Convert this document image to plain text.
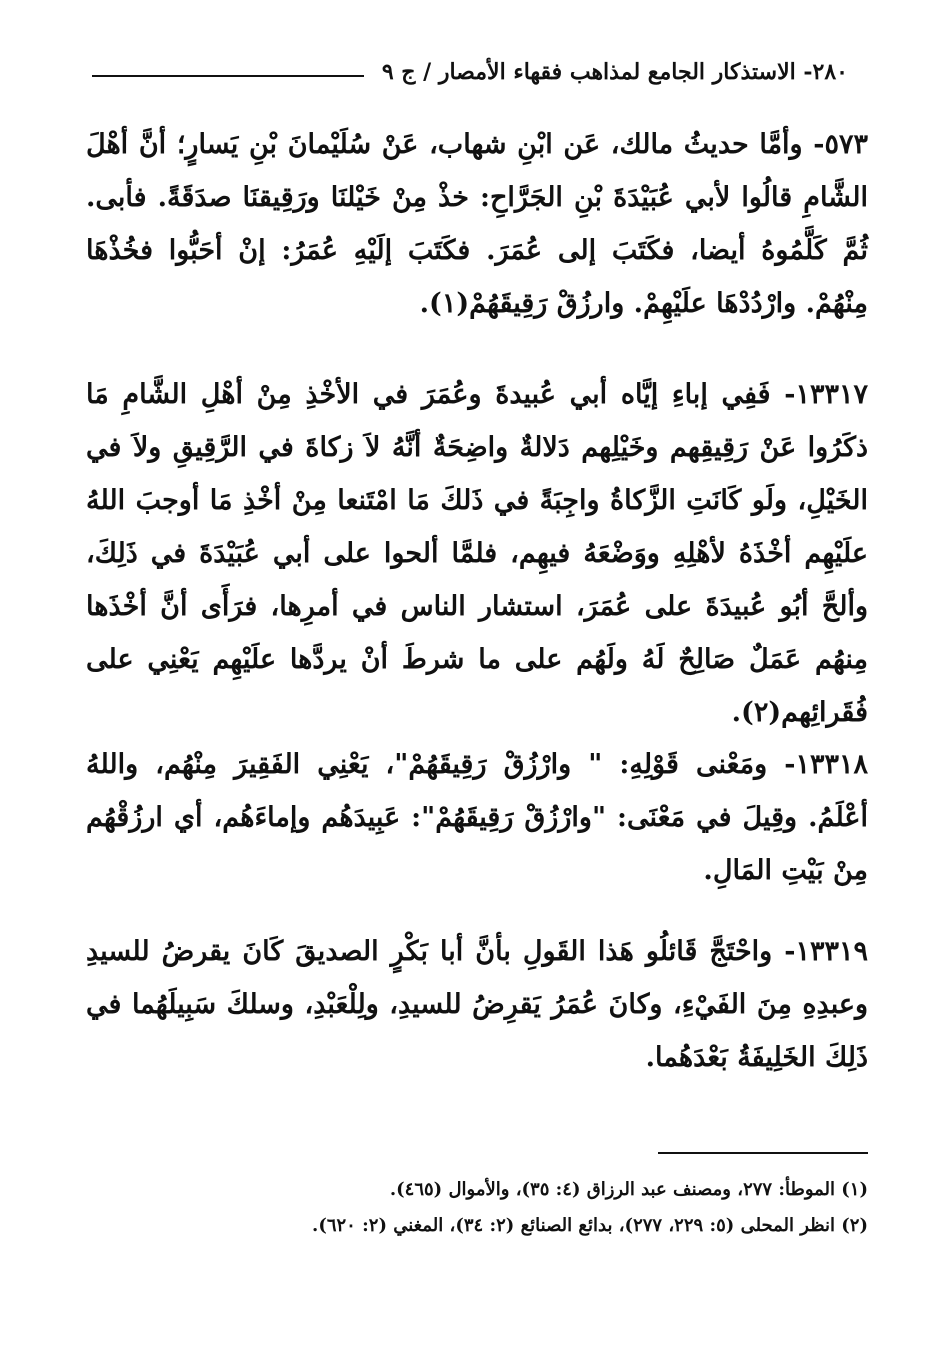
٢٨٠- الاستذكار الجامع لمذاهب فقهاء الأمصار / ج ٩
٥٧٣- وأمَّا حديثُ مالك، عَن ابْنِ شهاب، عَنْ سُلَيْمانَ بْنِ يَسارٍ؛ أنَّ أهْلَ الشَّامِ قالُوا لأبي عُبَيْدَةَ بْنِ الجَرَّاحِ: خذْ مِنْ خَيْلنَا ورَقِيقنَا صدَقَةً. فأبى. ثُمَّ كَلَّمُوهُ أيضا، فكَتَبَ إلى عُمَرَ. فكَتَبَ إلَيْهِ عُمَرُ: إنْ أحَبُّوا فخُذْهَا مِنْهُمْ. وارْدُدْهَا علَيْهِمْ. وارزُقْ رَقِيقَهُمْ(١).
١٣٣١٧- فَفِي إباءِ إيَّاه أبي عُبيدةَ وعُمَرَ في الأخْذِ مِنْ أهْلِ الشَّامِ مَا ذكَرُوا عَنْ رَقِيقِهم وخَيْلِهم دَلالةٌ واضِحَةٌ أنَّهُ لاَ زكاةَ في الرَّقِيقِ ولاَ في الخَيْلِ، ولَو كَانَتِ الزَّكاةُ واجِبَةً في ذَلكَ مَا امْتَنعا مِنْ أخْذِ مَا أوجبَ اللهُ علَيْهِم أخْذَهُ لأهْلِهِ ووَضْعَهُ فيهِم، فلمَّا ألحوا على أبي عُبَيْدَةَ في ذَلِكَ، وألحَّ أبُو عُبيدَةَ على عُمَرَ، استشار الناس في أمرِها، فرَأَى أنَّ أخْذَها مِنهُم عَمَلٌ صَالِحٌ لَهُ ولَهُم على ما شرطَ أنْ يردَّها علَيْهِم يَعْنِي على فُقَرائِهم(٢).
١٣٣١٨- ومَعْنى قَوْلِهِ: " وارْزُقْ رَقِيقَهُمْ"، يَعْنِي الفَقِيرَ مِنْهُم، واللهُ أعْلَمُ. وقِيلَ في مَعْنَى: "وارْزُقْ رَقِيقَهُمْ": عَبِيدَهُم وإماءَهُم، أي ارزُقْهُم مِنْ بَيْتِ المَالِ.
١٣٣١٩- واحْتَجَّ قَائلُو هَذا القَولِ بأنَّ أبا بَكْرٍ الصديقَ كَانَ يقرضُ للسيدِ وعبدِهِ مِنَ الفَيْءِ، وكانَ عُمَرُ يَقرِضُ للسيدِ، ولِلْعَبْدِ، وسلكَ سَبِيلَهُما في ذَلِكَ الخَلِيفَةُ بَعْدَهُما.
(١) الموطأ: ٢٧٧، ومصنف عبد الرزاق (٤: ٣٥)، والأموال (٤٦٥).
(٢) انظر المحلى (٥: ٢٢٩، ٢٧٧)، بدائع الصنائع (٢: ٣٤)، المغني (٢: ٦٢٠).
